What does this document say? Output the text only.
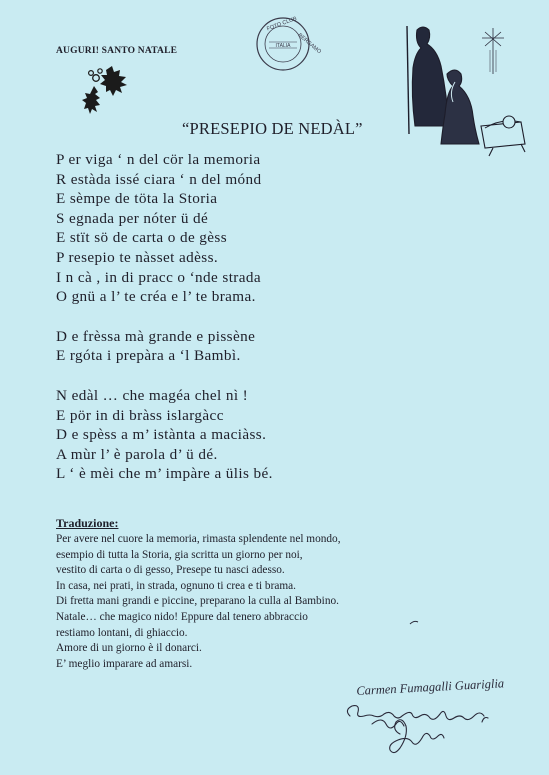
AUGURI! SANTO NATALE	ITALIA
FOTO CLUB
BERGAMO
“PRESEPIO DE NEDÀL”
P er viga ‘ n del cör la memoria
R estàda issé ciara ‘ n del mónd
E sèmpe de töta la Storia
S egnada per nóter ü dé
E stït sö de carta o de gèss
P resepio te nàsset adèss.
I n cà , in di pracc o ‘nde strada
O gnü a l’ te créa e l’ te brama.
D e frèssa mà grande e pissène
E rgóta i prepàra a ‘l Bambì.
N edàl … che magéa chel nì !
E pör in di bràss islargàcc
D e spèss a m’ istànta a maciàss.
A mùr l’ è parola d’ ü dé.
L ‘ è mèi che m’ impàre a ülis bé.
Traduzione:
Per avere nel cuore la memoria, rimasta splendente nel mondo,
esempio di tutta la Storia, gia scritta un giorno per noi,
vestito di carta o di gesso, Presepe tu nasci adesso.
In casa, nei prati, in strada, ognuno ti crea e ti brama.
Di fretta mani grandi e piccine, preparano la culla al Bambino.
Natale… che magico nido! Eppure dal tenero abbraccio
restiamo lontani, di ghiaccio.
Amore di un giorno è il donarci.
E’ meglio imparare ad amarsi.
Carmen Fumagalli Guariglia
